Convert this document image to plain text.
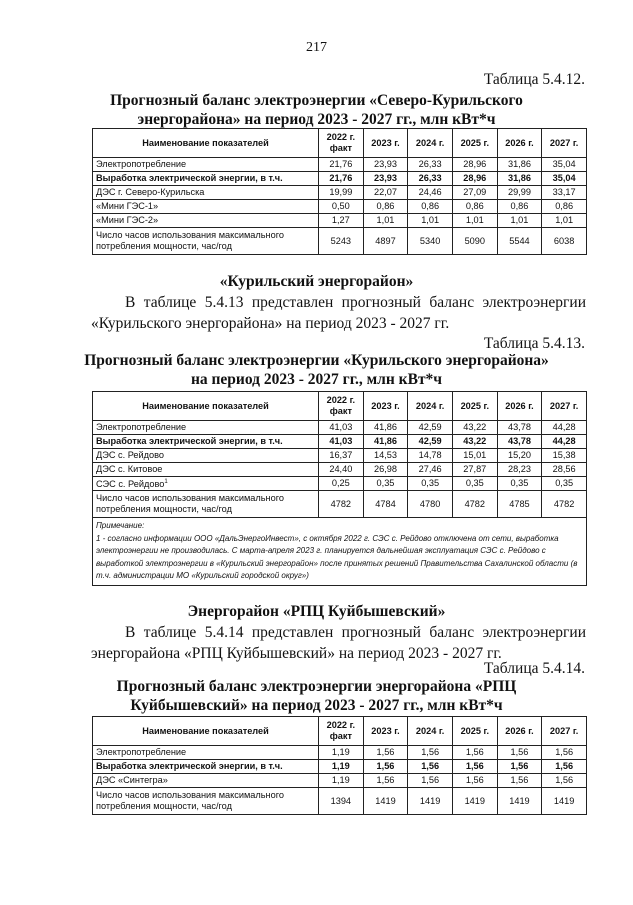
217
Таблица 5.4.12.
Прогнозный баланс электроэнергии «Северо-Курильского
энергорайона» на период 2023 - 2027 гг., млн кВт*ч
Наименование показателей	2022 г.
факт	2023 г.	2024 г.	2025 г.	2026 г.	2027 г.
Электропотребление	21,76	23,93	26,33	28,96	31,86	35,04
Выработка электрической энергии, в т.ч.	21,76	23,93	26,33	28,96	31,86	35,04
ДЭС г. Северо-Курильска	19,99	22,07	24,46	27,09	29,99	33,17
«Мини ГЭС-1»	0,50	0,86	0,86	0,86	0,86	0,86
«Мини ГЭС-2»	1,27	1,01	1,01	1,01	1,01	1,01

Число часов использования максимального
потребления мощности, час/год	5243	4897	5340	5090	5544	6038
«Курильский энергорайон»
В таблице 5.4.13 представлен прогнозный баланс электроэнергии «Курильского энергорайона» на период 2023 - 2027 гг.
Таблица 5.4.13.
Прогнозный баланс электроэнергии «Курильского энергорайона»
на период 2023 - 2027 гг., млн кВт*ч
Наименование показателей	2022 г.
факт	2023 г.	2024 г.	2025 г.	2026 г.	2027 г.
Электропотребление	41,03	41,86	42,59	43,22	43,78	44,28
Выработка электрической энергии, в т.ч.	41,03	41,86	42,59	43,22	43,78	44,28
ДЭС с. Рейдово	16,37	14,53	14,78	15,01	15,20	15,38
ДЭС с. Китовое	24,40	26,98	27,46	27,87	28,23	28,56
СЭС с. Рейдово$^1$	0,25	0,35	0,35	0,35	0,35	0,35

Число часов использования максимального
потребления мощности, час/год	4782	4784	4780	4782	4785	4782

Примечание:
1 - согласно информации ООО «ДальЭнергоИнвест», с октября 2022 г. СЭС с. Рейдово отключена от сети, выработка электроэнергии не производилась. С марта-апреля 2023 г. планируется дальнейшая эксплуатация СЭС с. Рейдово с выработкой электроэнергии в «Курильский энергорайон» после принятых решений Правительства Сахалинской области (в т.ч. администрации МО «Курильский городской округ»)						
Энергорайон «РПЦ Куйбышевский»
В таблице 5.4.14 представлен прогнозный баланс электроэнергии энергорайона «РПЦ Куйбышевский» на период 2023 - 2027 гг.
Таблица 5.4.14.
Прогнозный баланс электроэнергии энергорайона «РПЦ
Куйбышевский» на период 2023 - 2027 гг., млн кВт*ч
Наименование показателей	2022 г.
факт	2023 г.	2024 г.	2025 г.	2026 г.	2027 г.
Электропотребление	1,19	1,56	1,56	1,56	1,56	1,56
Выработка электрической энергии, в т.ч.	1,19	1,56	1,56	1,56	1,56	1,56
ДЭС «Синтегра»	1,19	1,56	1,56	1,56	1,56	1,56

Число часов использования максимального
потребления мощности, час/год	1394	1419	1419	1419	1419	1419
